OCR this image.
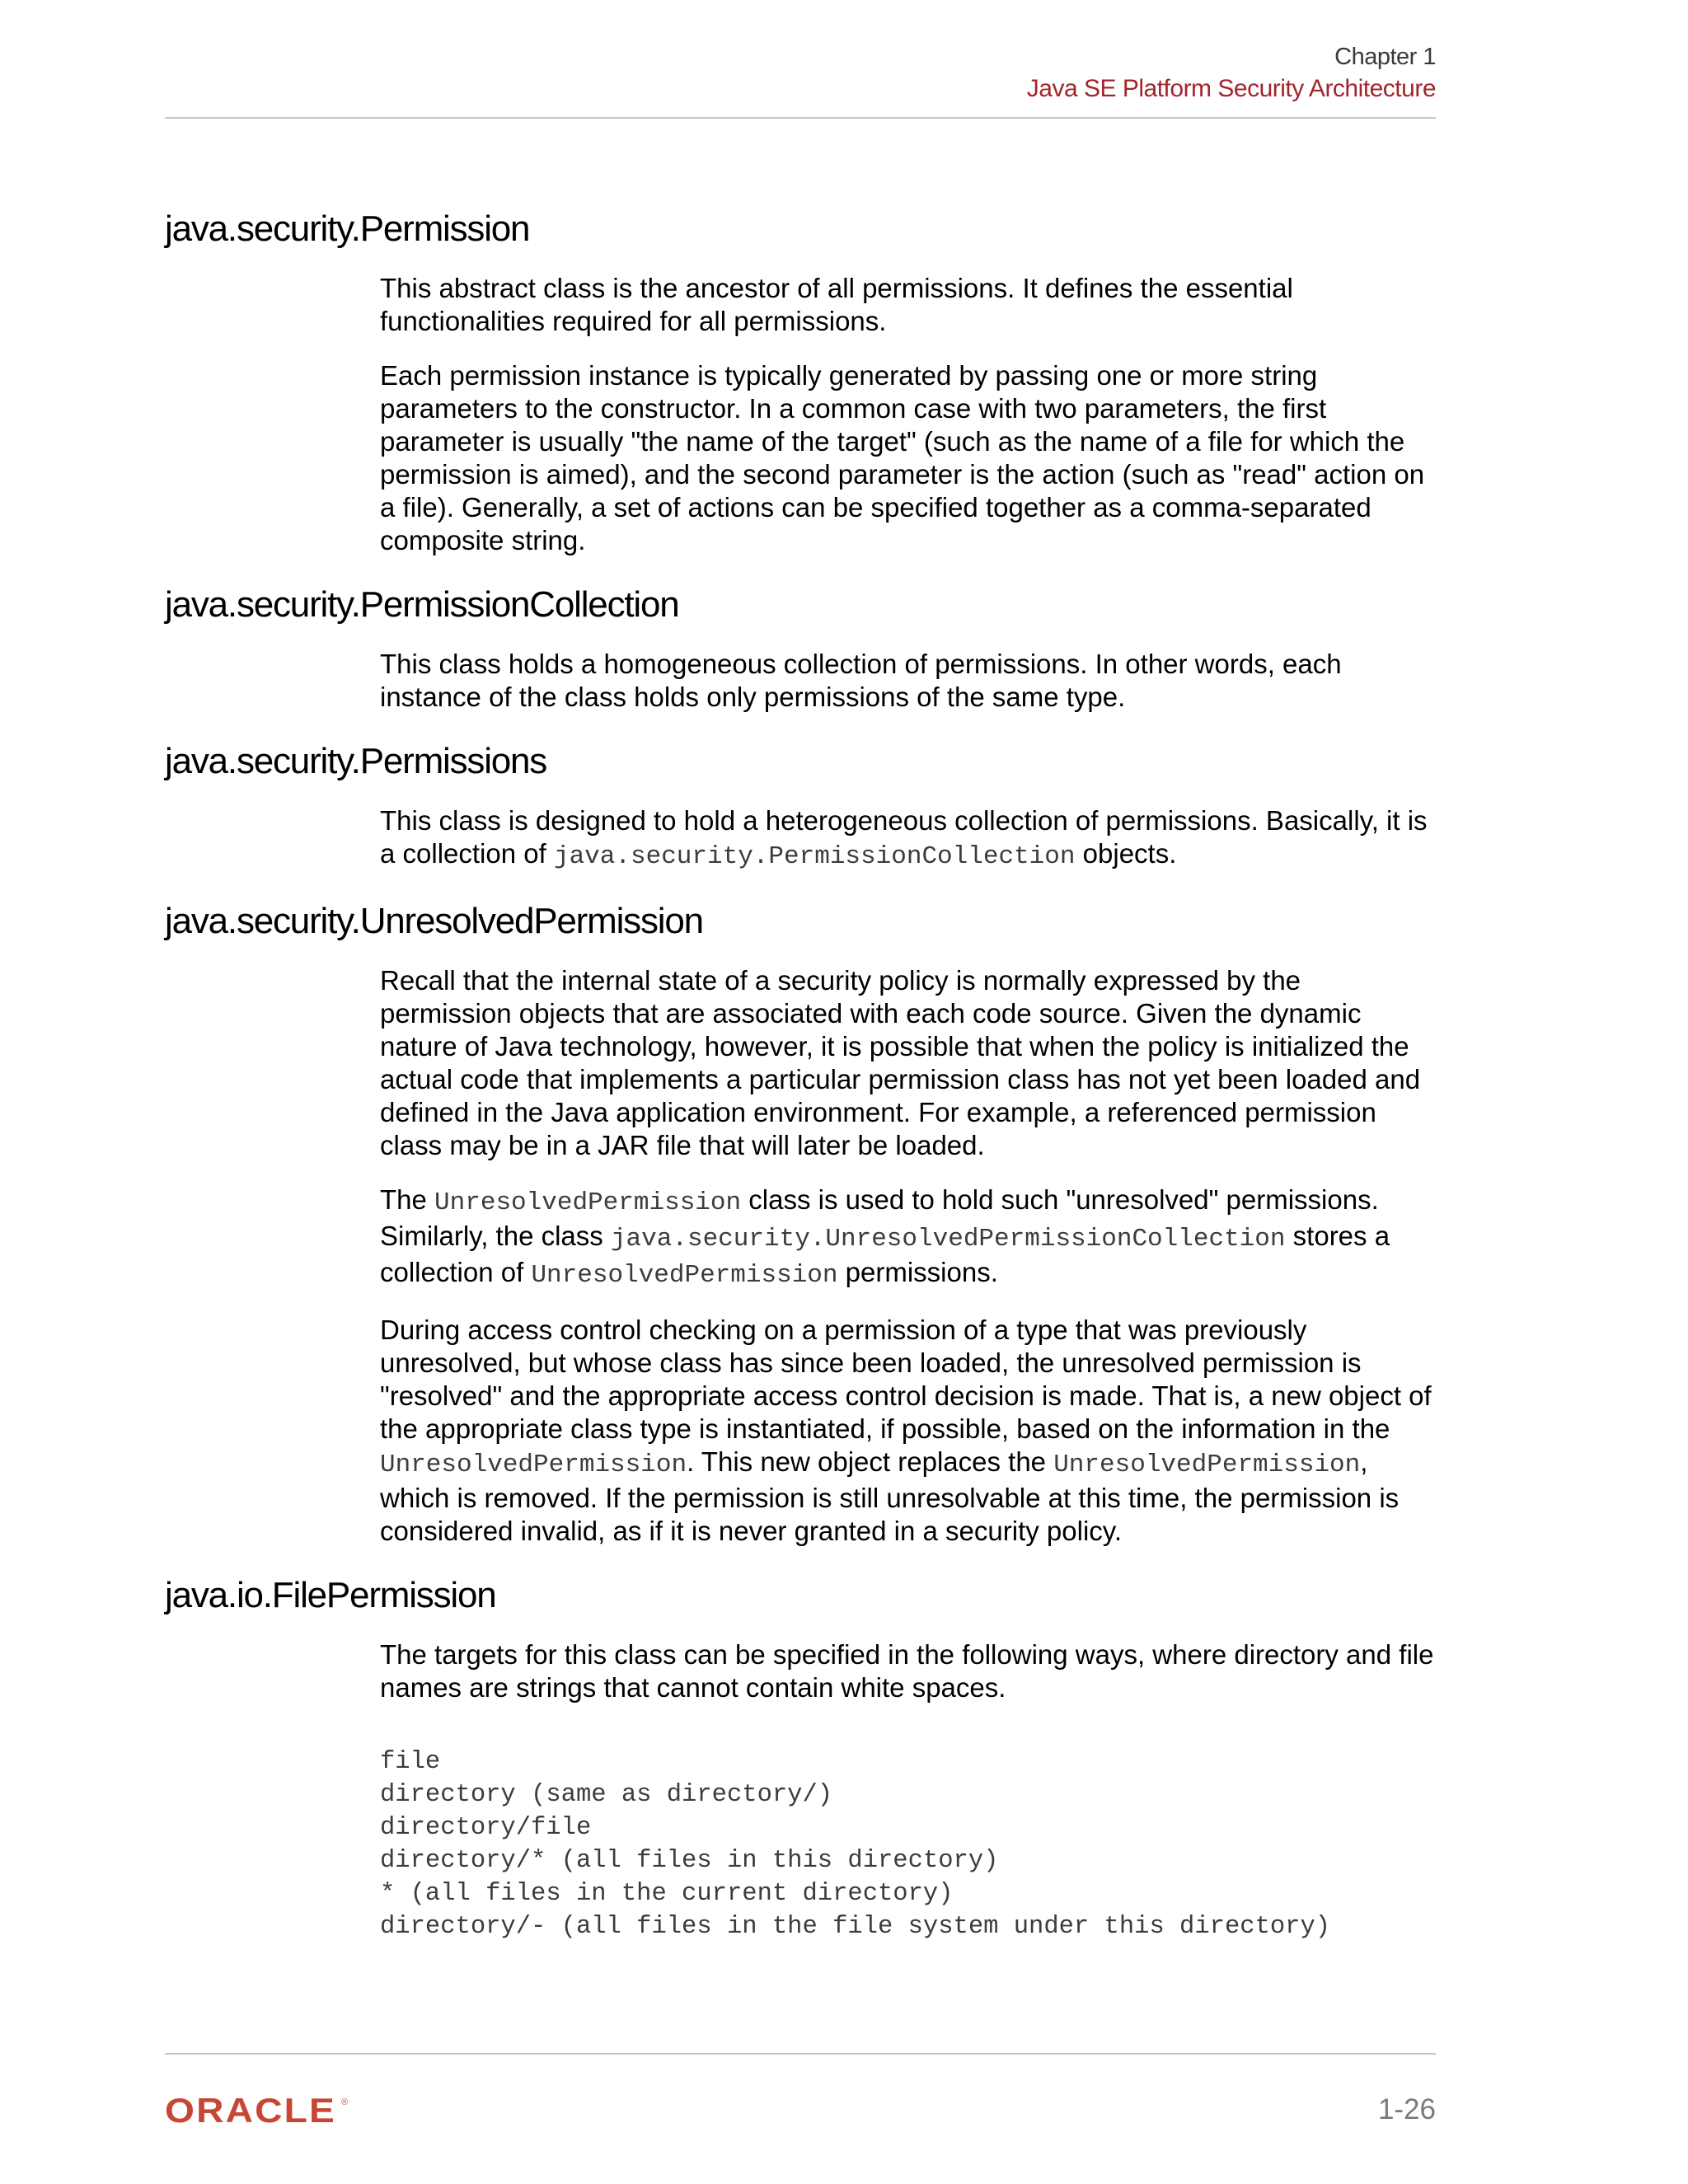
Chapter 1
Java SE Platform Security Architecture
java.security.Permission

This abstract class is the ancestor of all permissions. It defines the essential functionalities required for all permissions.

Each permission instance is typically generated by passing one or more string parameters to the constructor. In a common case with two parameters, the first parameter is usually "the name of the target" (such as the name of a file for which the permission is aimed), and the second parameter is the action (such as "read" action on a file). Generally, a set of actions can be specified together as a comma-separated composite string.

java.security.PermissionCollection

This class holds a homogeneous collection of permissions. In other words, each instance of the class holds only permissions of the same type.

java.security.Permissions

This class is designed to hold a heterogeneous collection of permissions. Basically, it is a collection of java.security.PermissionCollection objects.

java.security.UnresolvedPermission

Recall that the internal state of a security policy is normally expressed by the permission objects that are associated with each code source. Given the dynamic nature of Java technology, however, it is possible that when the policy is initialized the actual code that implements a particular permission class has not yet been loaded and defined in the Java application environment. For example, a referenced permission class may be in a JAR file that will later be loaded.

The UnresolvedPermission class is used to hold such "unresolved" permissions. Similarly, the class java.security.UnresolvedPermissionCollection stores a collection of UnresolvedPermission permissions.

During access control checking on a permission of a type that was previously unresolved, but whose class has since been loaded, the unresolved permission is "resolved" and the appropriate access control decision is made. That is, a new object of the appropriate class type is instantiated, if possible, based on the information in the UnresolvedPermission. This new object replaces the UnresolvedPermission, which is removed. If the permission is still unresolvable at this time, the permission is considered invalid, as if it is never granted in a security policy.

java.io.FilePermission

The targets for this class can be specified in the following ways, where directory and file names are strings that cannot contain white spaces.

file
directory (same as directory/)
directory/file
directory/* (all files in this directory)
* (all files in the current directory)
directory/- (all files in the file system under this directory)
ORACLE ®	1-26
